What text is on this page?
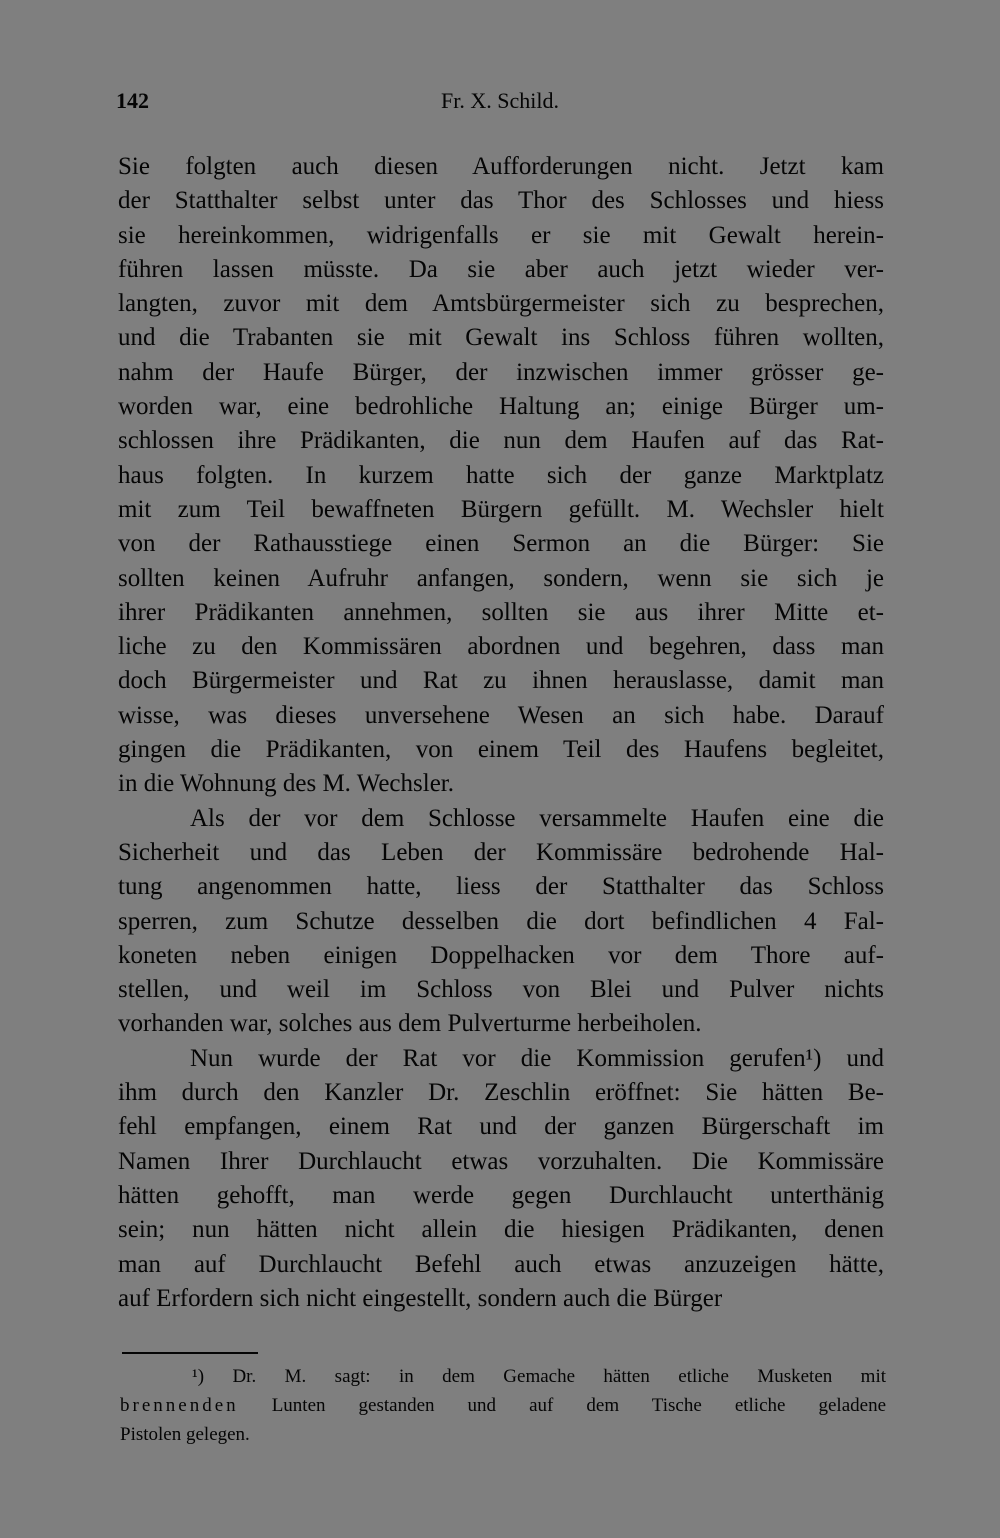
142	Fr. X. Schild.
Sie folgten auch diesen Aufforderungen nicht. Jetzt kam
der Statthalter selbst unter das Thor des Schlosses und hiess
sie hereinkommen, widrigenfalls er sie mit Gewalt herein-
führen lassen müsste. Da sie aber auch jetzt wieder ver-
langten, zuvor mit dem Amtsbürgermeister sich zu besprechen,
und die Trabanten sie mit Gewalt ins Schloss führen wollten,
nahm der Haufe Bürger, der inzwischen immer grösser ge-
worden war, eine bedrohliche Haltung an; einige Bürger um-
schlossen ihre Prädikanten, die nun dem Haufen auf das Rat-
haus folgten. In kurzem hatte sich der ganze Marktplatz
mit zum Teil bewaffneten Bürgern gefüllt. M. Wechsler hielt
von der Rathausstiege einen Sermon an die Bürger: Sie
sollten keinen Aufruhr anfangen, sondern, wenn sie sich je
ihrer Prädikanten annehmen, sollten sie aus ihrer Mitte et-
liche zu den Kommissären abordnen und begehren, dass man
doch Bürgermeister und Rat zu ihnen herauslasse, damit man
wisse, was dieses unversehene Wesen an sich habe. Darauf
gingen die Prädikanten, von einem Teil des Haufens begleitet,
in die Wohnung des M. Wechsler.
Als der vor dem Schlosse versammelte Haufen eine die
Sicherheit und das Leben der Kommissäre bedrohende Hal-
tung angenommen hatte, liess der Statthalter das Schloss
sperren, zum Schutze desselben die dort befindlichen 4 Fal-
koneten neben einigen Doppelhacken vor dem Thore auf-
stellen, und weil im Schloss von Blei und Pulver nichts
vorhanden war, solches aus dem Pulverturme herbeiholen.
Nun wurde der Rat vor die Kommission gerufen¹) und
ihm durch den Kanzler Dr. Zeschlin eröffnet: Sie hätten Be-
fehl empfangen, einem Rat und der ganzen Bürgerschaft im
Namen Ihrer Durchlaucht etwas vorzuhalten. Die Kommissäre
hätten gehofft, man werde gegen Durchlaucht unterthänig
sein; nun hätten nicht allein die hiesigen Prädikanten, denen
man auf Durchlaucht Befehl auch etwas anzuzeigen hätte,
auf Erfordern sich nicht eingestellt, sondern auch die Bürger
¹) Dr. M. sagt: in dem Gemache hätten etliche Musketen mit
brennenden Lunten gestanden und auf dem Tische etliche geladene
Pistolen gelegen.
